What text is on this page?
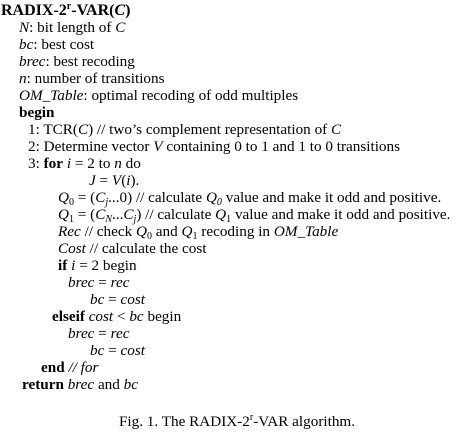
RADIX-2$^r$-VAR(C)
N: bit length of C
bc: best cost
brec: best recoding
n: number of transitions
OM_Table: optimal recoding of odd multiples
begin
1: TCR(C) // two’s complement representation of C
2: Determine vector V containing 0 to 1 and 1 to 0 transitions
3: for i = 2 to n do
J = V(i).
$Q_0 = (C_j...0)$ // calculate $Q_0$ value and make it odd and positive.
$Q_1 = (C_N...C_j)$ // calculate $Q_1$ value and make it odd and positive.
Rec // check $Q_0$ and $Q_1$ recoding in OM_Table
Cost // calculate the cost
if i = 2 begin
brec = rec
bc = cost
elseif cost < bc begin
brec = rec
bc = cost
end // for
return brec and bc
Fig. 1. The RADIX-2$^r$-VAR algorithm.
